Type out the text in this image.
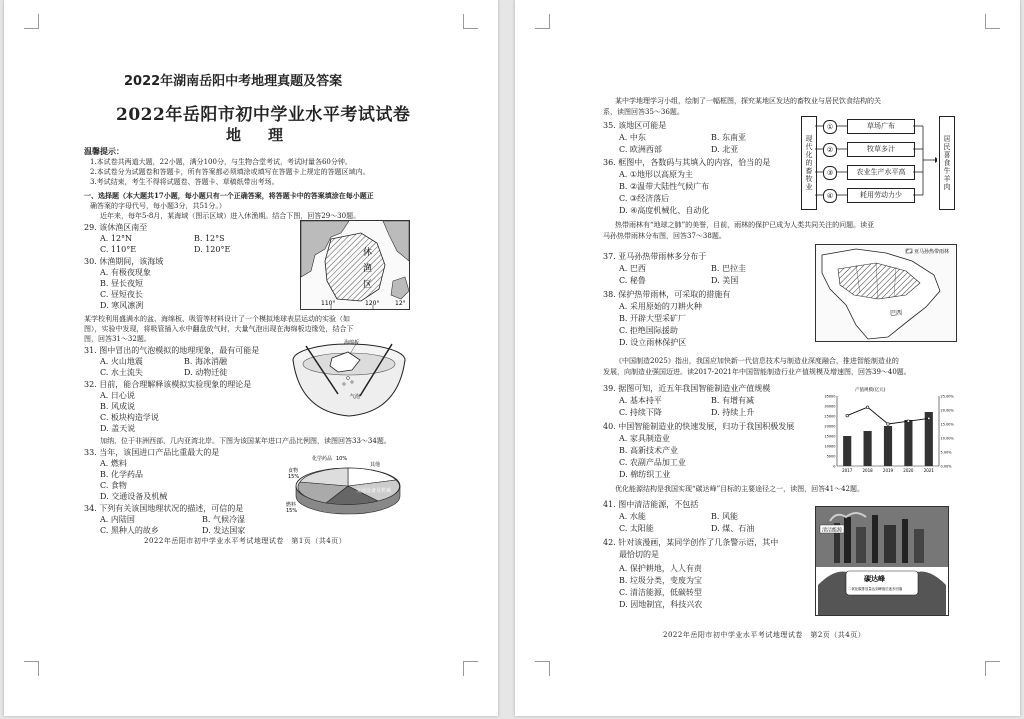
2022年湖南岳阳中考地理真题及答案
2022年岳阳市初中学业水平考试试卷
地　理
温馨提示：
1.本试卷共两道大题，22小题，满分100分，与生物合堂考试，考试时量各60分钟。
2.本试卷分为试题卷和答题卡，所有答案都必须填涂或填写在答题卡上规定的答题区域内。
3.考试结束，考生不得将试题卷、答题卡、草稿纸带出考场。
一、选择题（本大题共17小题，每小题只有一个正确答案，将答题卡中的答案填涂在每小题正
确答案的字母代号，每小题3分，共51分。）
近年来，每年5-8月，某海域（图示区域）进入休渔期。结合下图，回答29～30题。
29. 该休渔区南至
A. 12°N	B. 12°S
C. 110°E	D. 120°E
30. 休渔期间，该海域
A. 有极夜现象
B. 昼长夜短
C. 昼短夜长
D. 寒风凛冽
休
渔
区
110°	120°	12°
某学校利用盛满水的盆、海绵板、吸管等材料设计了一个模拟地球表层运动的实验（如
图），实验中发现，将吸管插入水中翻盘放气时，大量气泡出现在海绵板边缘处，结合下
图，回答31～32题。
31. 图中冒出的气泡模拟的地理现象，最有可能是
A. 火山地震	B. 海冰消融
C. 水土流失	D. 动物迁徙
32. 目前，能合理解释该模拟实验现象的理论是
A. 日心说
B. 风成说
C. 板块构造学说
D. 盖天说
海绵板
气泡
加纳，位于非洲西部，几内亚湾北岸。下图为该国某年进口产品比例图，读图回答33～34题。
33. 当年，该国进口产品比重最大的是
A. 燃料
B. 化学药品
C. 食物
D. 交通设备及机械
34. 下列有关该国地理状况的描述，可信的是
A. 内陆国	B. 气候冷湿
C. 黑种人的故乡	D. 发达国家
化学药品 10%
食物
15%
其他
交通设备及机械
燃料
15%
2022年岳阳市初中学业水平考试地理试卷　第1页（共4页）
某中学地理学习小组，绘制了一幅框图，探究某地区发达的畜牧业与居民饮食结构的关
系，读图回答35～36题。
35. 该地区可能是
A. 中东	B. 东南亚
C. 欧洲西部	D. 北亚
36. 框图中，各数码与其填入的内容，恰当的是
A. ①地形以高原为主
B. ②温带大陆性气候广布
C. ③经济落后
D. ④高度机械化、自动化
现代化的畜牧业
①
②
③
④
草场广布
牧草多汁
农业生产水平高
耗用劳动力少
居民喜食牛羊肉
热带雨林有“地球之肺”的美誉，目前，雨林的保护已成为人类共同关注的问题。读亚
马孙热带雨林分布图，回答37～38题。
37. 亚马孙热带雨林多分布于
A. 巴西	B. 巴拉圭
C. 秘鲁	D. 美国
38. 保护热带雨林，可采取的措施有
A. 采用原始的刀耕火种
B. 开辟大型采矿厂
C. 拒绝国际援助
D. 设立雨林保护区
亚马孙热带雨林
巴西
《中国制造2025》指出，我国应加快新一代信息技术与制造业深度融合，推进智能制造业的
发展，向制造业强国迈进。读2017-2021年中国智能制造行业产值规模及增速图，回答39～40题。
39. 据图可知，近五年我国智能制造业产值规模
A. 基本持平	B. 有增有减
C. 持续下降	D. 持续上升
40. 中国智能制造业的快速发展，归功于我国积极发展
A. 家具制造业
B. 高新技术产业
C. 农副产品加工业
D. 棉纺织工业
产值规模(亿元)
2017	2018	2019	2020	2021
0
5000
10000
15000
20000
25000
30000
35000
0.00%
5.00%
10.00%
15.00%
20.00%
25.00%
优化能源结构是我国实现“碳达峰”目标的主要途径之一，读图，回答41～42题。
41. 图中清洁能源，不包括
A. 水能	B. 风能
C. 太阳能	D. 煤、石油
42. 针对该漫画，某同学创作了几条警示语，其中
最恰切的是
A. 保护耕地，人人有责
B. 垃圾分类，变废为宝
C. 清洁能源，低碳转型
D. 因地制宜，科技兴农
清洁能源
碳达峰
二氧化碳排放量达到峰值后逐步回落
2022年岳阳市初中学业水平考试地理试卷　第2页（共4页）
